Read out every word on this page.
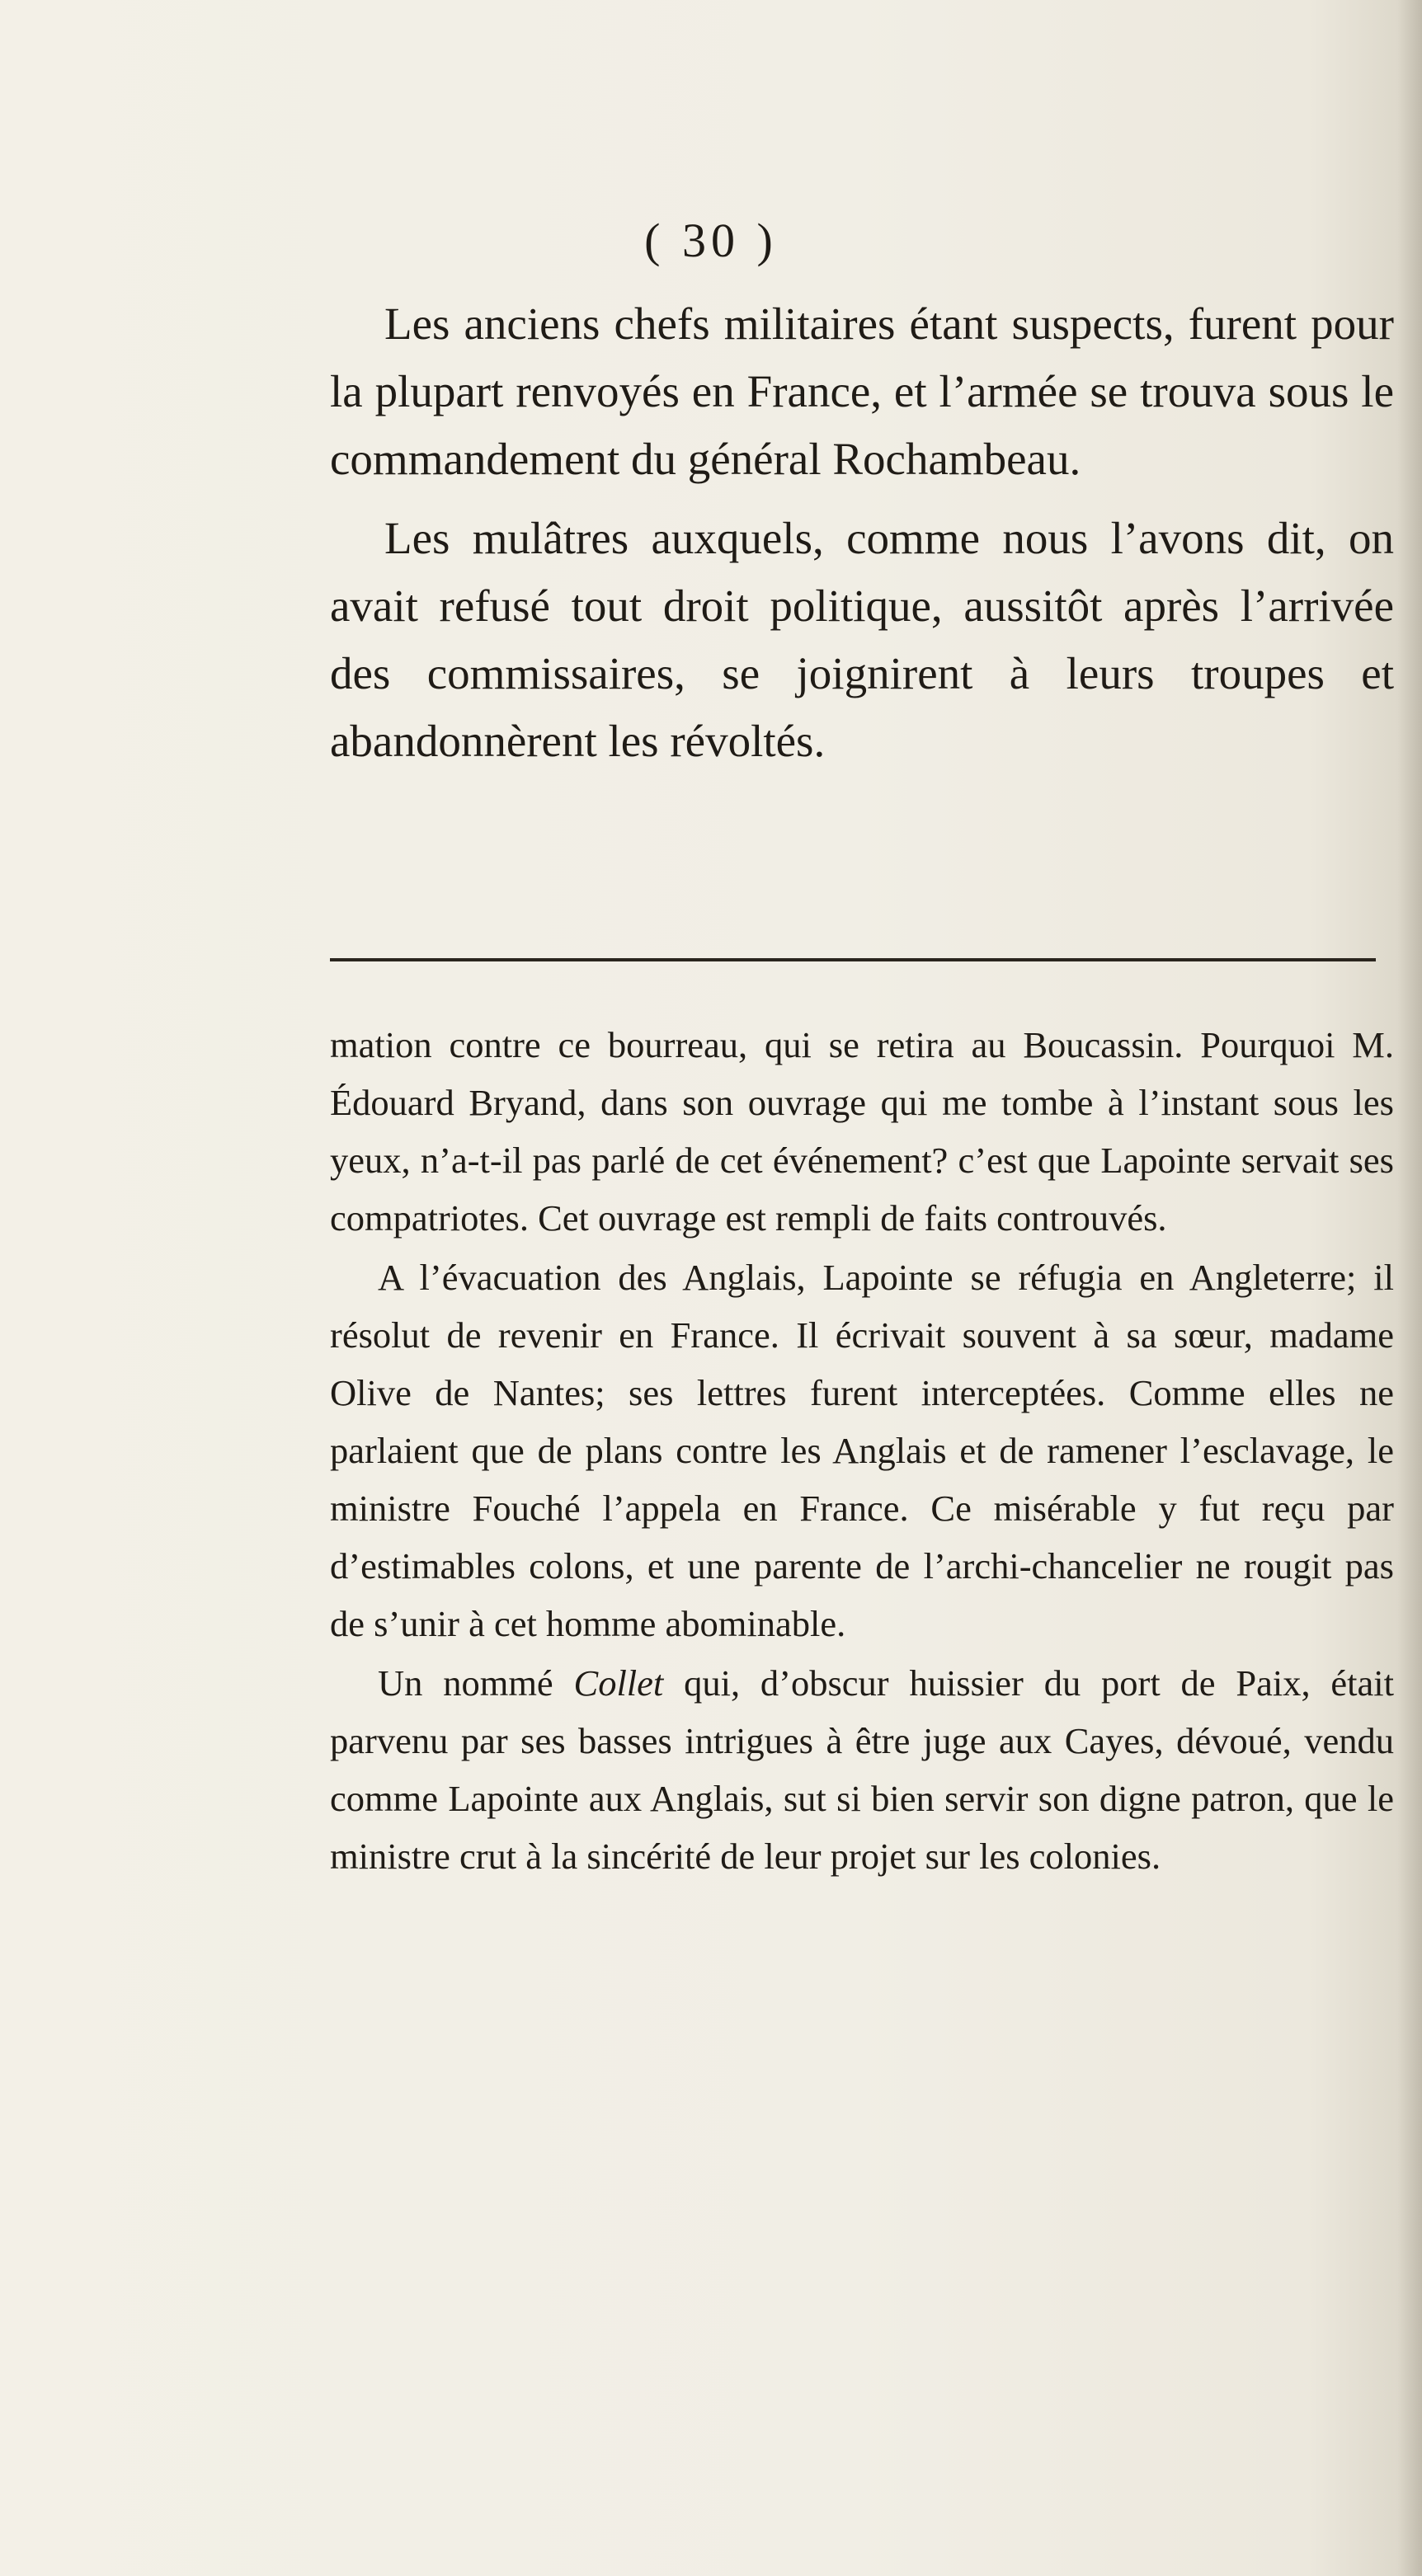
( 30 )

Les anciens chefs militaires étant suspects, furent pour la plupart renvoyés en France, et l’armée se trouva sous le commandement du général Rochambeau.

Les mulâtres auxquels, comme nous l’avons dit, on avait refusé tout droit politique, aussitôt après l’arrivée des commissaires, se joignirent à leurs troupes et abandonnèrent les révoltés.

mation contre ce bourreau, qui se retira au Boucassin. Pourquoi M. Édouard Bryand, dans son ouvrage qui me tombe à l’instant sous les yeux, n’a-t-il pas parlé de cet événement? c’est que Lapointe servait ses compatriotes. Cet ouvrage est rempli de faits controuvés.

A l’évacuation des Anglais, Lapointe se réfugia en Angleterre; il résolut de revenir en France. Il écrivait souvent à sa sœur, madame Olive de Nantes; ses lettres furent interceptées. Comme elles ne parlaient que de plans contre les Anglais et de ramener l’esclavage, le ministre Fouché l’appela en France. Ce misérable y fut reçu par d’estimables colons, et une parente de l’archi-chancelier ne rougit pas de s’unir à cet homme abominable.

Un nommé Collet qui, d’obscur huissier du port de Paix, était parvenu par ses basses intrigues à être juge aux Cayes, dévoué, vendu comme Lapointe aux Anglais, sut si bien servir son digne patron, que le ministre crut à la sincérité de leur projet sur les colonies.
